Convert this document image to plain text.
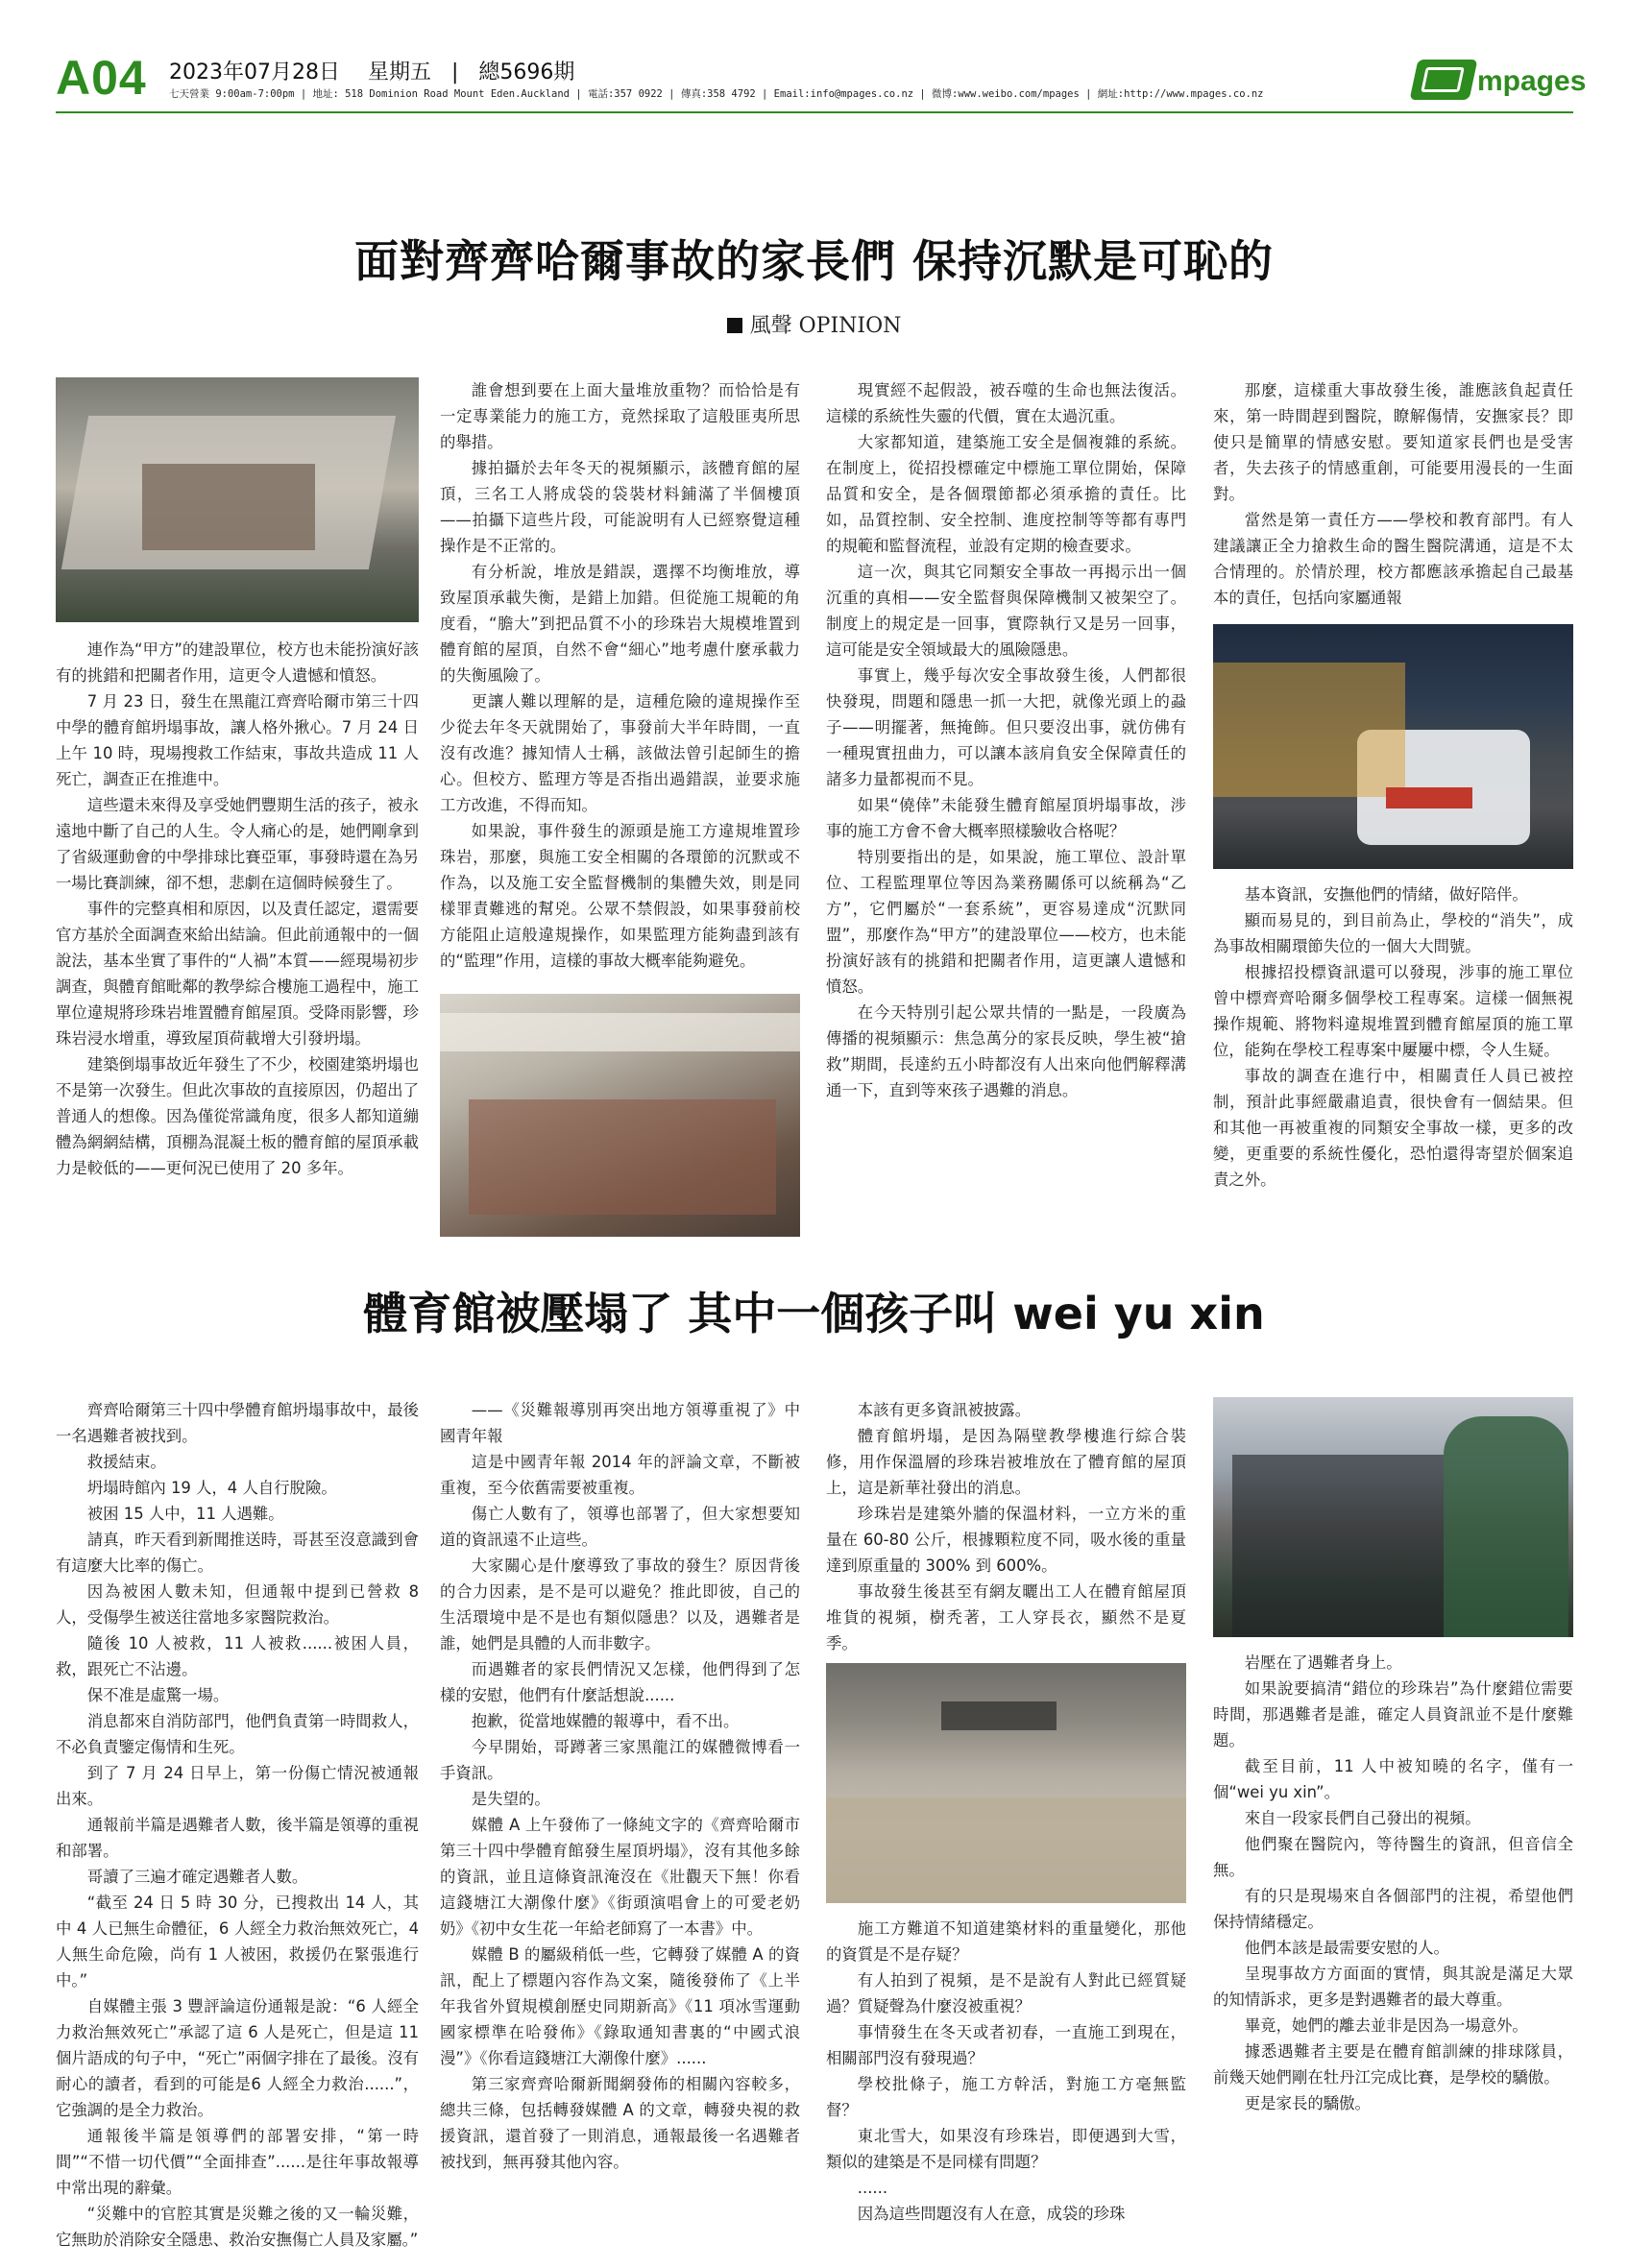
A04 2023年07月28日 星期五 | 總5696期
七天營業 9:00am-7:00pm | 地址: 518 Dominion Road Mount Eden.Auckland | 電話:357 0922 | 傳真:358 4792 | Email:info@mpages.co.nz | 微博:www.weibo.com/mpages | 網址:http://www.mpages.co.nz	mpages
面對齊齊哈爾事故的家長們 保持沉默是可恥的
風聲 OPINION

連作為“甲方”的建設單位，校方也未能扮演好該有的挑錯和把關者作用，這更令人遺憾和憤怒。

7 月 23 日，發生在黑龍江齊齊哈爾市第三十四中學的體育館坍塌事故，讓人格外揪心。7 月 24 日上午 10 時，現場搜救工作結束，事故共造成 11 人死亡，調查正在推進中。

這些還未來得及享受她們豐期生活的孩子，被永遠地中斷了自己的人生。令人痛心的是，她們剛拿到了省級運動會的中學排球比賽亞軍，事發時還在為另一場比賽訓練，卻不想，悲劇在這個時候發生了。

事件的完整真相和原因，以及責任認定，還需要官方基於全面調查來給出結論。但此前通報中的一個說法，基本坐實了事件的“人禍”本質——經現場初步調查，與體育館毗鄰的教學綜合樓施工過程中，施工單位違規將珍珠岩堆置體育館屋頂。受降雨影響，珍珠岩浸水增重，導致屋頂荷載增大引發坍塌。

建築倒塌事故近年發生了不少，校園建築坍塌也不是第一次發生。但此次事故的直接原因，仍超出了普通人的想像。因為僅從常識角度，很多人都知道繃體為網網結構，頂棚為混凝土板的體育館的屋頂承載力是較低的——更何況已使用了 20 多年。

誰會想到要在上面大量堆放重物？而恰恰是有一定專業能力的施工方，竟然採取了這般匪夷所思的舉措。

據拍攝於去年冬天的視頻顯示，該體育館的屋頂，三名工人將成袋的袋裝材料鋪滿了半個樓頂——拍攝下這些片段，可能說明有人已經察覺這種操作是不正常的。

有分析說，堆放是錯誤，選擇不均衡堆放，導致屋頂承載失衡，是錯上加錯。但從施工規範的角度看，“膽大”到把品質不小的珍珠岩大規模堆置到體育館的屋頂，自然不會“細心”地考慮什麼承載力的失衡風險了。

更讓人難以理解的是，這種危險的違規操作至少從去年冬天就開始了，事發前大半年時間，一直沒有改進？據知情人士稱，該做法曾引起師生的擔心。但校方、監理方等是否指出過錯誤，並要求施工方改進，不得而知。

如果說，事件發生的源頭是施工方違規堆置珍珠岩，那麼，與施工安全相關的各環節的沉默或不作為，以及施工安全監督機制的集體失效，則是同樣罪責難逃的幫兇。公眾不禁假設，如果事發前校方能阻止這般違規操作，如果監理方能夠盡到該有的“監理”作用，這樣的事故大概率能夠避免。

現實經不起假設，被吞噬的生命也無法復活。這樣的系統性失靈的代價，實在太過沉重。

大家都知道，建築施工安全是個複雜的系統。在制度上，從招投標確定中標施工單位開始，保障品質和安全，是各個環節都必須承擔的責任。比如，品質控制、安全控制、進度控制等等都有專門的規範和監督流程，並設有定期的檢查要求。

這一次，與其它同類安全事故一再揭示出一個沉重的真相——安全監督與保障機制又被架空了。制度上的規定是一回事，實際執行又是另一回事，這可能是安全領域最大的風險隱患。

事實上，幾乎每次安全事故發生後，人們都很快發現，問題和隱患一抓一大把，就像光頭上的蝨子——明擺著，無掩飾。但只要沒出事，就仿佛有一種現實扭曲力，可以讓本該肩負安全保障責任的諸多力量都視而不見。

如果“僥倖”未能發生體育館屋頂坍塌事故，涉事的施工方會不會大概率照樣驗收合格呢？

特別要指出的是，如果說，施工單位、設計單位、工程監理單位等因為業務關係可以統稱為“乙方”，它們屬於“一套系統”，更容易達成“沉默同盟”，那麼作為“甲方”的建設單位——校方，也未能扮演好該有的挑錯和把關者作用，這更讓人遺憾和憤怒。

在今天特別引起公眾共情的一點是，一段廣為傳播的視頻顯示：焦急萬分的家長反映，學生被“搶救”期間，長達約五小時都沒有人出來向他們解釋溝通一下，直到等來孩子遇難的消息。

那麼，這樣重大事故發生後，誰應該負起責任來，第一時間趕到醫院，瞭解傷情，安撫家長？即使只是簡單的情感安慰。要知道家長們也是受害者，失去孩子的情感重創，可能要用漫長的一生面對。

當然是第一責任方——學校和教育部門。有人建議讓正全力搶救生命的醫生醫院溝通，這是不太合情理的。於情於理，校方都應該承擔起自己最基本的責任，包括向家屬通報

基本資訊，安撫他們的情緒，做好陪伴。

顯而易見的，到目前為止，學校的“消失”，成為事故相關環節失位的一個大大問號。

根據招投標資訊還可以發現，涉事的施工單位曾中標齊齊哈爾多個學校工程專案。這樣一個無視操作規範、將物料違規堆置到體育館屋頂的施工單位，能夠在學校工程專案中屢屢中標，令人生疑。

事故的調查在進行中，相關責任人員已被控制，預計此事經嚴肅追責，很快會有一個結果。但和其他一再被重複的同類安全事故一樣，更多的改變，更重要的系統性優化，恐怕還得寄望於個案追責之外。

體育館被壓塌了 其中一個孩子叫 wei yu xin

齊齊哈爾第三十四中學體育館坍塌事故中，最後一名遇難者被找到。

救援結束。

坍塌時館內 19 人，4 人自行脫險。

被困 15 人中，11 人遇難。

請真，昨天看到新聞推送時，哥甚至沒意識到會有這麼大比率的傷亡。

因為被困人數未知，但通報中提到已營救 8 人，受傷學生被送往當地多家醫院救治。

隨後 10 人被救，11 人被救......被困人員，救，跟死亡不沾邊。

保不准是虛驚一場。

消息都來自消防部門，他們負責第一時間救人，不必負責鑒定傷情和生死。

到了 7 月 24 日早上，第一份傷亡情況被通報出來。

通報前半篇是遇難者人數，後半篇是領導的重視和部署。

哥讀了三遍才確定遇難者人數。

“截至 24 日 5 時 30 分，已搜救出 14 人，其中 4 人已無生命體征，6 人經全力救治無效死亡，4 人無生命危險，尚有 1 人被困，救援仍在緊張進行中。”

自媒體主張 3 豐評論這份通報是說：“6 人經全力救治無效死亡”承認了這 6 人是死亡，但是這 11 個片語成的句子中，“死亡”兩個字排在了最後。沒有耐心的讀者，看到的可能是6 人經全力救治......”，它強調的是全力救治。

通報後半篇是領導們的部署安排，“第一時間”“不惜一切代價”“全面排查”......是往年事故報導中常出現的辭彙。

“災難中的官腔其實是災難之後的又一輪災難，它無助於消除安全隱患、救治安撫傷亡人員及家屬。”

——《災難報導別再突出地方領導重視了》中國青年報

這是中國青年報 2014 年的評論文章，不斷被重複，至今依舊需要被重複。

傷亡人數有了，領導也部署了，但大家想要知道的資訊遠不止這些。

大家關心是什麼導致了事故的發生？原因背後的合力因素，是不是可以避免？推此即彼，自己的生活環境中是不是也有類似隱患？以及，遇難者是誰，她們是具體的人而非數字。

而遇難者的家長們情況又怎樣，他們得到了怎樣的安慰，他們有什麼話想說......

抱歉，從當地媒體的報導中，看不出。

今早開始，哥蹲著三家黑龍江的媒體微博看一手資訊。

是失望的。

媒體 A 上午發佈了一條純文字的《齊齊哈爾市第三十四中學體育館發生屋頂坍塌》，沒有其他多餘的資訊，並且這條資訊淹沒在《壯觀天下無！你看這錢塘江大潮像什麼》《街頭演唱會上的可愛老奶奶》《初中女生花一年給老師寫了一本書》中。

媒體 B 的屬級稍低一些，它轉發了媒體 A 的資訊，配上了標題內容作為文案，隨後發佈了《上半年我省外貿規模創歷史同期新高》《11 項冰雪運動國家標準在哈發佈》《錄取通知書裏的“中國式浪漫”》《你看這錢塘江大潮像什麼》......

第三家齊齊哈爾新聞網發佈的相關內容較多，總共三條，包括轉發媒體 A 的文章，轉發央視的救援資訊，還首發了一則消息，通報最後一名遇難者被找到，無再發其他內容。

本該有更多資訊被披露。

體育館坍塌，是因為隔壁教學樓進行綜合裝修，用作保溫層的珍珠岩被堆放在了體育館的屋頂上，這是新華社發出的消息。

珍珠岩是建築外牆的保溫材料，一立方米的重量在 60-80 公斤，根據顆粒度不同，吸水後的重量達到原重量的 300% 到 600%。

事故發生後甚至有網友曬出工人在體育館屋頂堆貨的視頻，樹秃著，工人穿長衣，顯然不是夏季。

施工方難道不知道建築材料的重量變化，那他的資質是不是存疑？

有人拍到了視頻，是不是說有人對此已經質疑過？質疑聲為什麼沒被重視？

事情發生在冬天或者初春，一直施工到現在，相關部門沒有發現過？

學校批條子，施工方幹活，對施工方毫無監督？

東北雪大，如果沒有珍珠岩，即便遇到大雪，類似的建築是不是同樣有問題？

......

因為這些問題沒有人在意，成袋的珍珠

岩壓在了遇難者身上。

如果說要搞清“錯位的珍珠岩”為什麼錯位需要時間，那遇難者是誰，確定人員資訊並不是什麼難題。

截至目前，11 人中被知曉的名字，僅有一個“wei yu xin”。

來自一段家長們自己發出的視頻。

他們聚在醫院內，等待醫生的資訊，但音信全無。

有的只是現場來自各個部門的注視，希望他們保持情緒穩定。

他們本該是最需要安慰的人。

呈現事故方方面面的實情，與其說是滿足大眾的知情訴求，更多是對遇難者的最大尊重。

畢竟，她們的離去並非是因為一場意外。

據悉遇難者主要是在體育館訓練的排球隊員，前幾天她們剛在牡丹江完成比賽，是學校的驕傲。

更是家長的驕傲。
